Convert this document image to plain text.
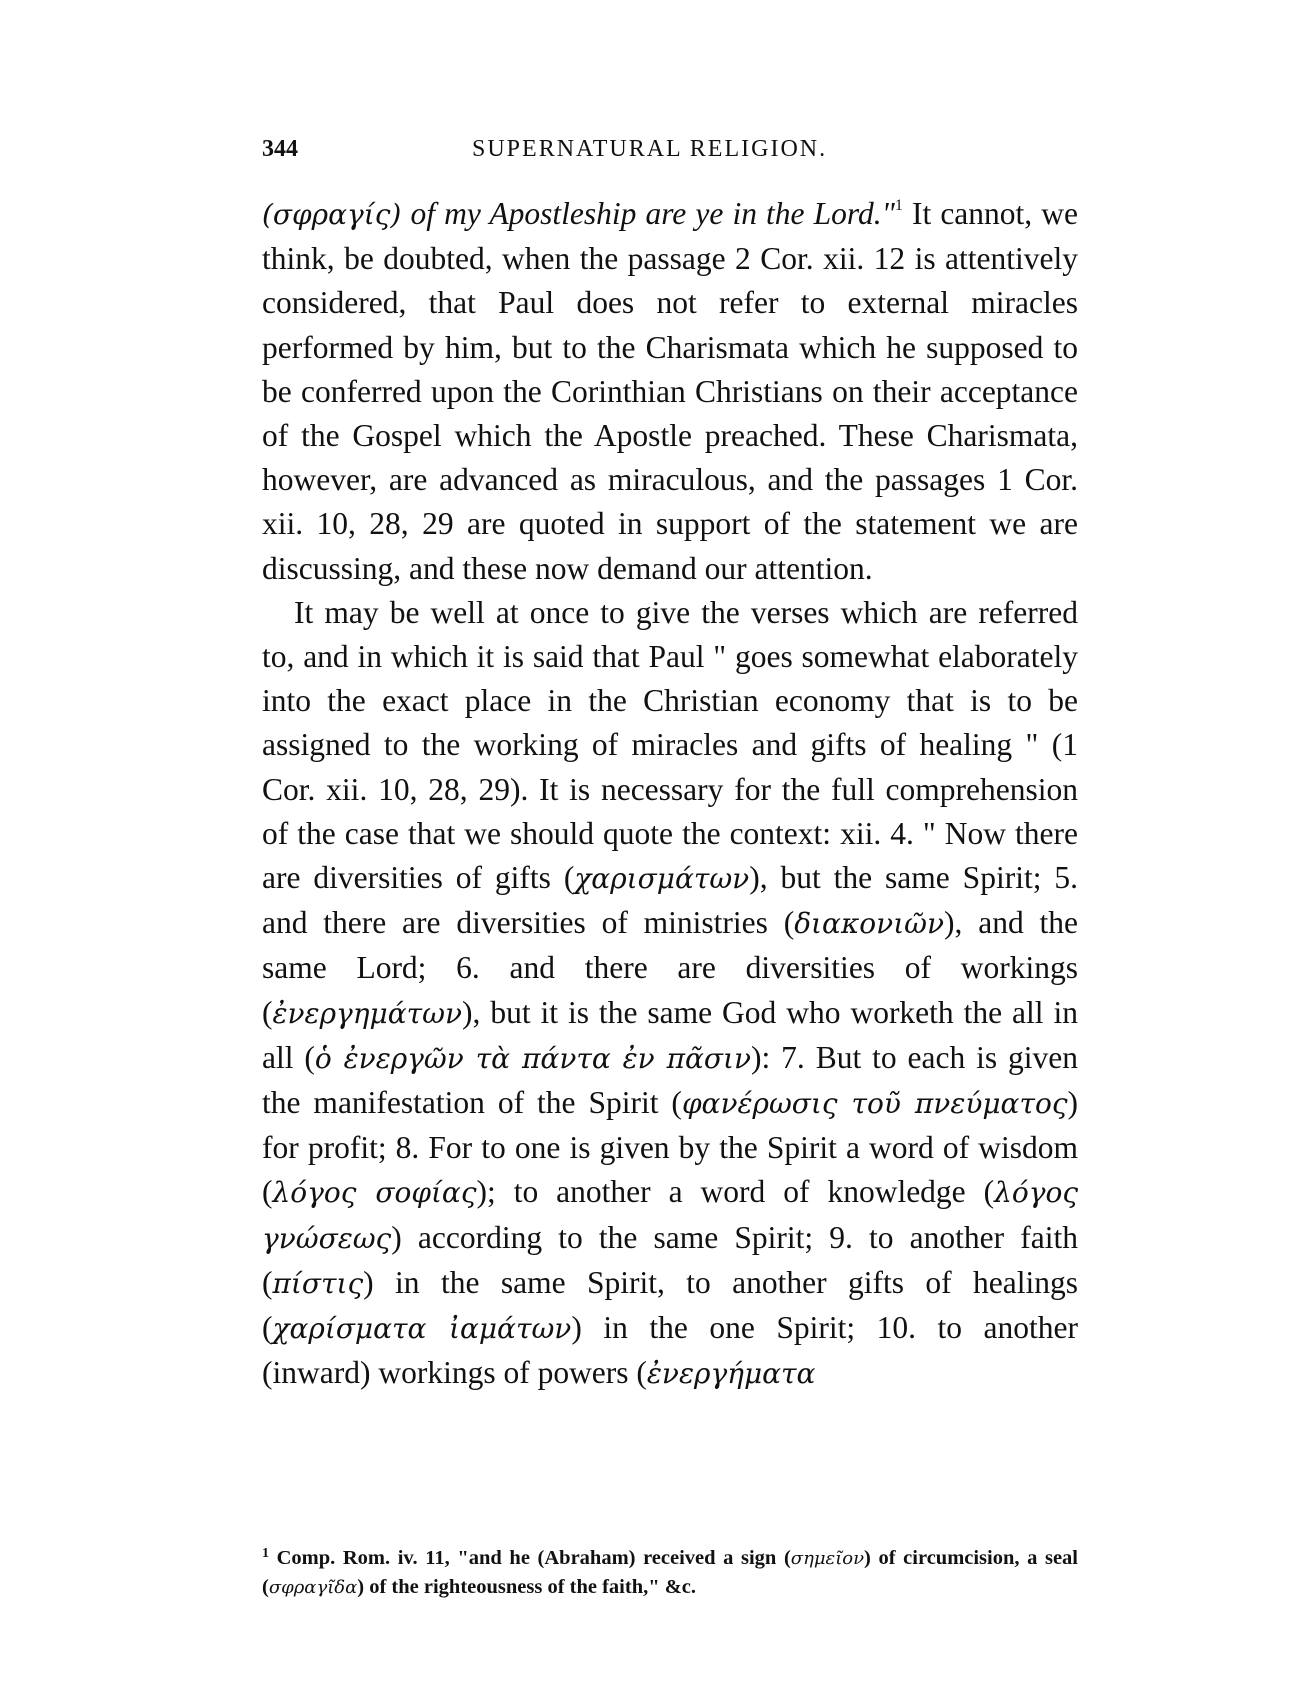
344	SUPERNATURAL RELIGION.

(σφραγίς) of my Apostleship are ye in the Lord."$^1$ It cannot, we think, be doubted, when the passage 2 Cor. xii. 12 is attentively considered, that Paul does not refer to external miracles performed by him, but to the Charismata which he supposed to be conferred upon the Corinthian Christians on their acceptance of the Gospel which the Apostle preached. These Charismata, however, are advanced as miraculous, and the passages 1 Cor. xii. 10, 28, 29 are quoted in support of the statement we are discussing, and these now demand our attention.

It may be well at once to give the verses which are referred to, and in which it is said that Paul " goes somewhat elaborately into the exact place in the Christian economy that is to be assigned to the working of miracles and gifts of healing " (1 Cor. xii. 10, 28, 29). It is necessary for the full comprehension of the case that we should quote the context: xii. 4. " Now there are diversities of gifts (χαρισμάτων), but the same Spirit; 5. and there are diversities of ministries (διακονιῶν), and the same Lord; 6. and there are diversities of workings (ἐνεργημάτων), but it is the same God who worketh the all in all (ὁ ἐνεργῶν τὰ πάντα ἐν πᾶσιν): 7. But to each is given the manifestation of the Spirit (φανέρωσις τοῦ πνεύματος) for profit; 8. For to one is given by the Spirit a word of wisdom (λόγος σοφίας); to another a word of knowledge (λόγος γνώσεως) according to the same Spirit; 9. to another faith (πίστις) in the same Spirit, to another gifts of healings (χαρίσματα ἰαμάτων) in the one Spirit; 10. to another (inward) workings of powers (ἐνεργήματα

$^1$ Comp. Rom. iv. 11, "and he (Abraham) received a sign (σημεῖον) of circumcision, a seal (σφραγῖδα) of the righteousness of the faith," &c.
